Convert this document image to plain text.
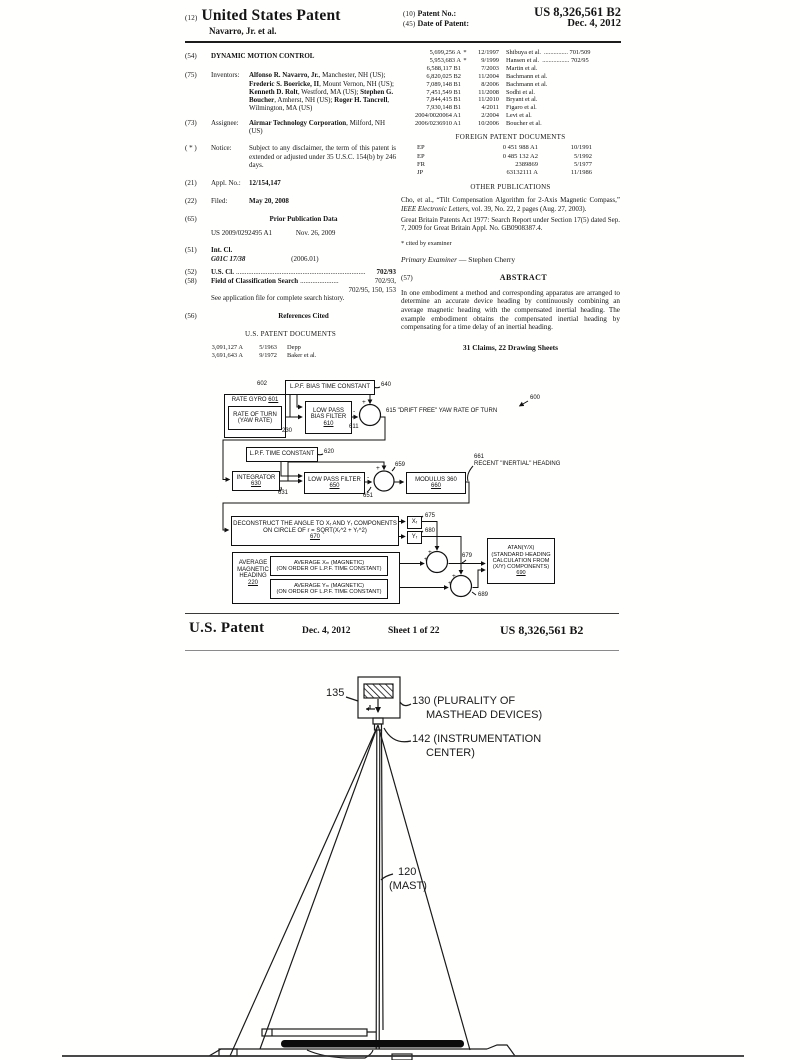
(12) United States Patent
Navarro, Jr. et al.
(10) Patent No.:	US 8,326,561 B2
(45) Date of Patent:	Dec. 4, 2012
(54)	DYNAMIC MOTION CONTROL
(75)	Inventors:	Alfonso R. Navarro, Jr., Manchester, NH (US); Frederic S. Boericke, II, Mount Vernon, NH (US); Kenneth D. Rolt, Westford, MA (US); Stephen G. Boucher, Amherst, NH (US); Roger H. Tancrell, Wilmington, MA (US)
(73)	Assignee:	Airmar Technology Corporation, Milford, NH (US)
( * )	Notice:	Subject to any disclaimer, the term of this patent is extended or adjusted under 35 U.S.C. 154(b) by 246 days.
(21)	Appl. No.:	12/154,147
(22)	Filed:	May 20, 2008
(65)	Prior Publication Data
US 2009/0292495 A1	Nov. 26, 2009
(51)	Int. Cl.
G01C 17/38	(2006.01)
(52)	U.S. Cl. ..........................................................................	702/93
(58)	Field of Classification Search ......................	702/93,
702/95, 150, 153
See application file for complete search history.
(56)	References Cited
U.S. PATENT DOCUMENTS
3,091,127 A	5/1963	Depp
3,691,643 A	9/1972	Baker et al.
5,699,256 A *	12/1997 Shibuya et al. ............... 701/509
5,953,683 A *	9/1999 Hansen et al. ................. 702/95
6,588,117 B1	7/2003 Martin et al.
6,820,025 B2	11/2004 Bachmann et al.
7,089,148 B1	8/2006 Bachmann et al.
7,451,549 B1	11/2008 Sodhi et al.
7,844,415 B1	11/2010 Bryant et al.
7,930,148 B1	4/2011 Figaro et al.
2004/0020064 A1	2/2004 Levi et al.
2006/0236910 A1	10/2006 Boucher et al.
FOREIGN PATENT DOCUMENTS
EP	0 451 988 A1	10/1991
EP	0 485 132 A2	5/1992
FR	2389869	5/1977
JP	63132111 A	11/1986
OTHER PUBLICATIONS
Cho, et al., “Tilt Compensation Algorithm for 2-Axis Magnetic Compass,” IEEE Electronic Letters, vol. 39, No. 22, 2 pages (Aug. 27, 2003).
Great Britain Patents Act 1977: Search Report under Section 17(5) dated Sep. 7, 2009 for Great Britain Appl. No. GB0908387.4.
* cited by examiner
Primary Examiner — Stephen Cherry
(57)	ABSTRACT
In one embodiment a method and corresponding apparatus are arranged to determine an accurate device heading by continuously combining an average magnetic heading with the compensated inertial heading. The example embodiment obtains the compensated inertial heading by compensating for a time delay of an inertial heading.
31 Claims, 22 Drawing Sheets
+
-
+
-
+
+
+
+
L.P.F. BIAS TIME CONSTANT
602	640
RATE GYRO 601
RATE OF TURN
(YAW RATE)
230
LOW PASS
BIAS FILTER
610
611
615 "DRIFT FREE" YAW RATE OF TURN
600
L.P.F. TIME CONSTANT 620
INTEGRATOR
630
631
LOW PASS FILTER
650
651
659
MODULUS 360
660
661
RECENT "INERTIAL" HEADING
DECONSTRUCT THE ANGLE TO Xᵣ AND Yᵣ COMPONENTS
ON CIRCLE OF r = SQRT(Xᵣ^2 + Yᵣ^2)
670
Xᵣ
Yᵣ
675
680
AVERAGE
MAGNETIC
HEADING
220
AVERAGE Xₘ (MAGNETIC)
(ON ORDER OF L.P.F. TIME CONSTANT)
AVERAGE Yₘ (MAGNETIC)
(ON ORDER OF L.P.F. TIME CONSTANT)
679
689
ATAN(Y/X)
(STANDARD HEADING
CALCULATION FROM
(X/Y) COMPONENTS)
690
U.S. Patent	Dec. 4, 2012	Sheet 1 of 22	US 8,326,561 B2
135
130 (PLURALITY OF
MASTHEAD DEVICES)
142 (INSTRUMENTATION
CENTER)
120
(MAST)
